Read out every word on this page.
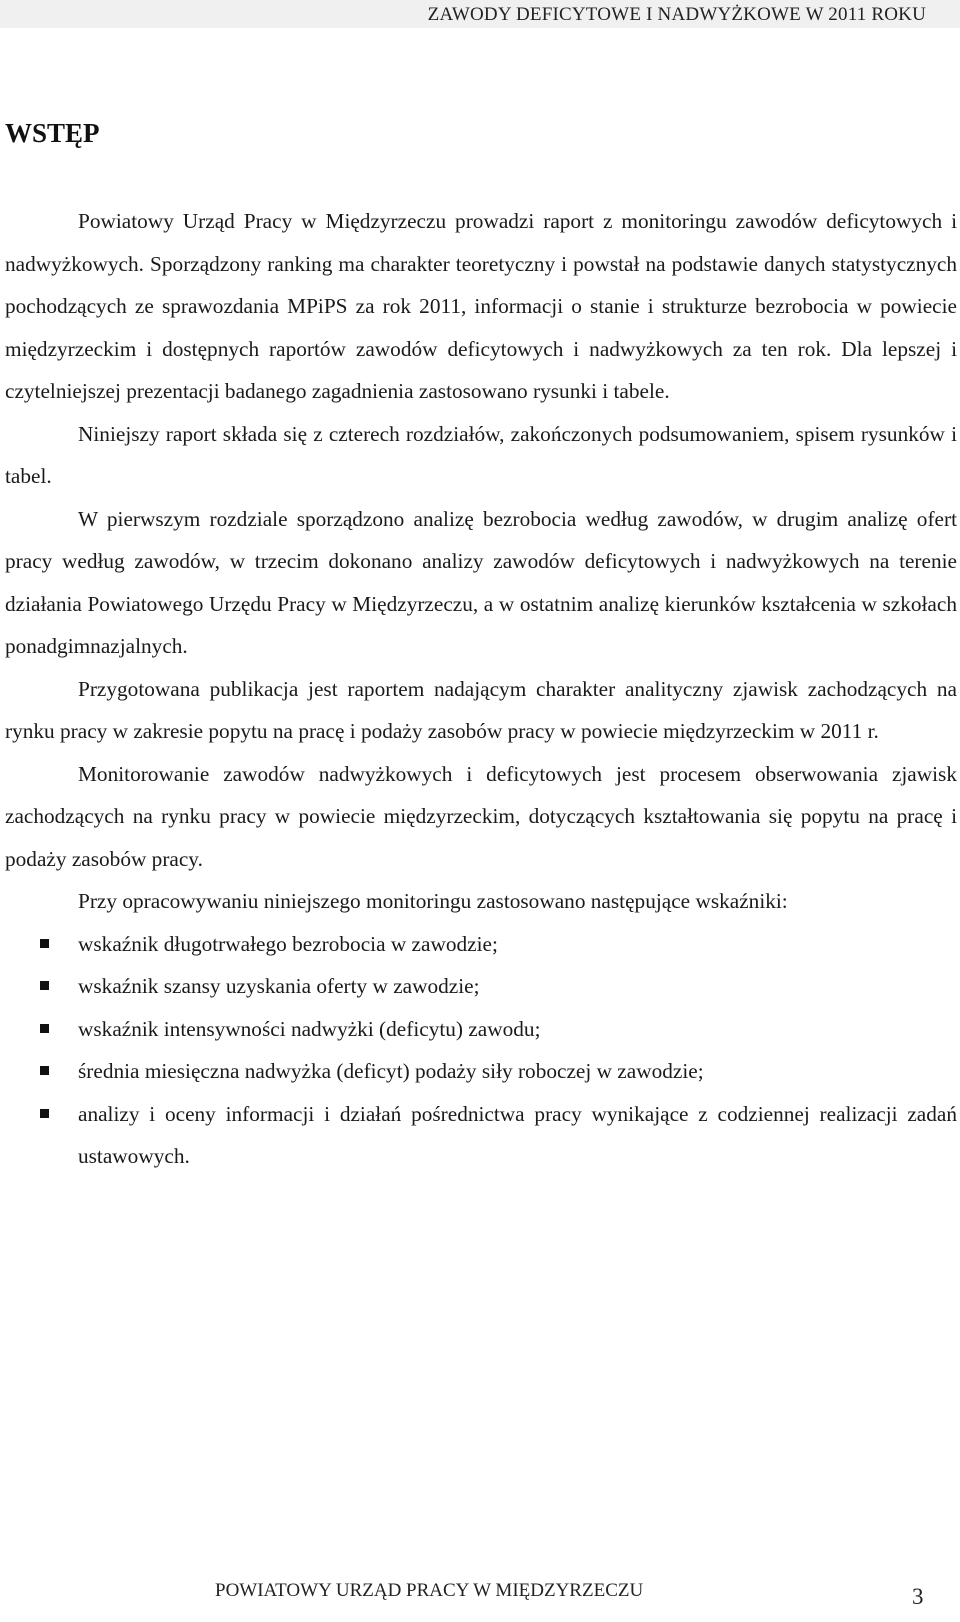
ZAWODY DEFICYTOWE I NADWYŻKOWE W 2011 ROKU
WSTĘP

Powiatowy Urząd Pracy w Międzyrzeczu prowadzi raport z monitoringu zawodów deficytowych i nadwyżkowych. Sporządzony ranking ma charakter teoretyczny i powstał na podstawie danych statystycznych pochodzących ze sprawozdania MPiPS za rok 2011, informacji o stanie i strukturze bezrobocia w powiecie międzyrzeckim i dostępnych raportów zawodów deficytowych i nadwyżkowych za ten rok. Dla lepszej i czytelniejszej prezentacji badanego zagadnienia zastosowano rysunki i tabele.

Niniejszy raport składa się z czterech rozdziałów, zakończonych podsumowaniem, spisem rysunków i tabel.

W pierwszym rozdziale sporządzono analizę bezrobocia według zawodów, w drugim analizę ofert pracy według zawodów, w trzecim dokonano analizy zawodów deficytowych i nadwyżkowych na terenie działania Powiatowego Urzędu Pracy w Międzyrzeczu, a w ostatnim analizę kierunków kształcenia w szkołach ponadgimnazjalnych.

Przygotowana publikacja jest raportem nadającym charakter analityczny zjawisk zachodzących na rynku pracy w zakresie popytu na pracę i podaży zasobów pracy w powiecie międzyrzeckim w 2011 r.

Monitorowanie zawodów nadwyżkowych i deficytowych jest procesem obserwowania zjawisk zachodzących na rynku pracy w powiecie międzyrzeckim, dotyczących kształtowania się popytu na pracę i podaży zasobów pracy.

Przy opracowywaniu niniejszego monitoringu zastosowano następujące wskaźniki:

wskaźnik długotrwałego bezrobocia w zawodzie;
wskaźnik szansy uzyskania oferty w zawodzie;
wskaźnik intensywności nadwyżki (deficytu) zawodu;
średnia miesięczna nadwyżka (deficyt) podaży siły roboczej w zawodzie;
analizy i oceny informacji i działań pośrednictwa pracy wynikające z codziennej realizacji zadań ustawowych.
POWIATOWY URZĄD PRACY W MIĘDZYRZECZU	3
